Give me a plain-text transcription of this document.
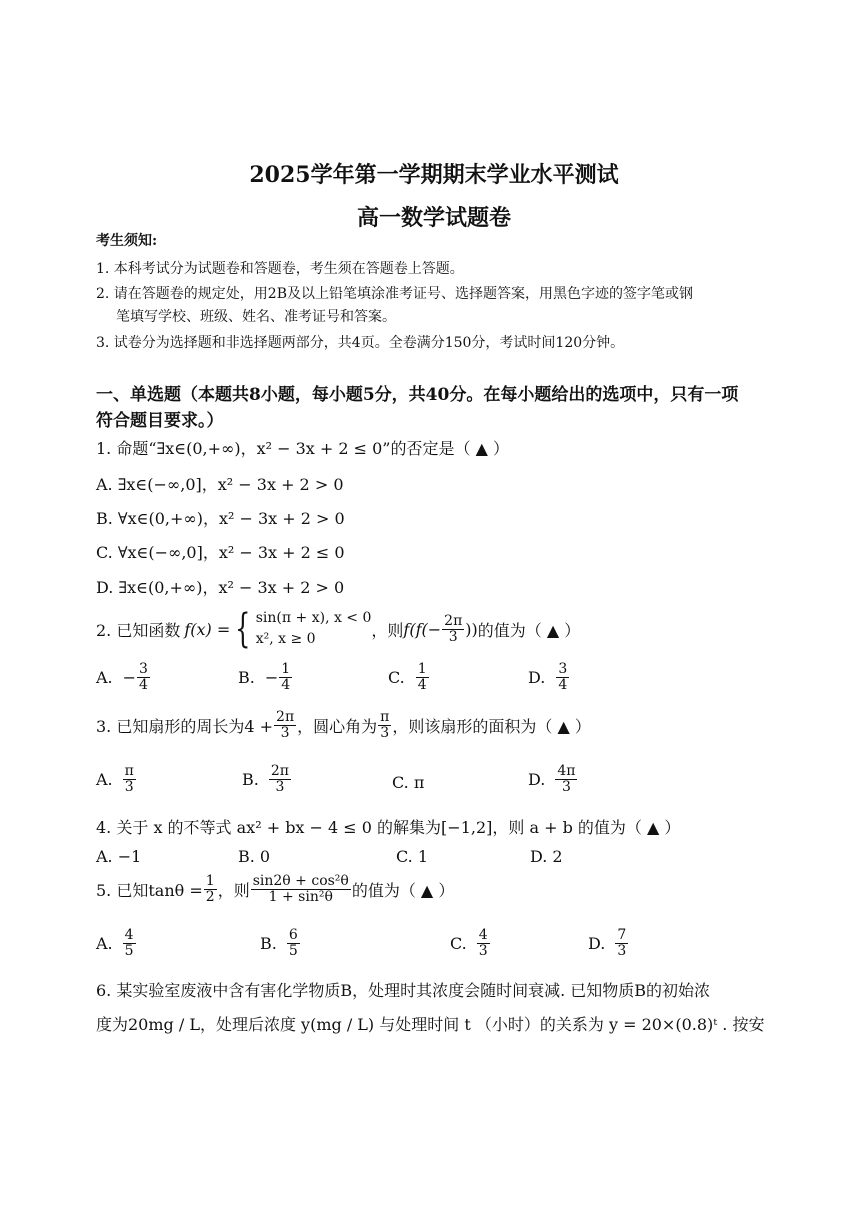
2025学年第一学期期末学业水平测试
高一数学试题卷
考生须知:
1. 本科考试分为试题卷和答题卷，考生须在答题卷上答题。
2. 请在答题卷的规定处，用2B及以上铅笔填涂准考证号、选择题答案，用黑色字迹的签字笔或钢
笔填写学校、班级、姓名、准考证号和答案。
3. 试卷分为选择题和非选择题两部分，共4页。全卷满分150分，考试时间120分钟。
一、单选题（本题共8小题，每小题5分，共40分。在每小题给出的选项中，只有一项
符合题目要求。）
1. 命题“∃x∈(0,+∞)，x² − 3x + 2 ≤ 0”的否定是（ ▲ ）
A. ∃x∈(−∞,0]，x² − 3x + 2 > 0
B. ∀x∈(0,+∞)，x² − 3x + 2 > 0
C. ∀x∈(−∞,0]，x² − 3x + 2 ≤ 0
D. ∃x∈(0,+∞)，x² − 3x + 2 > 0
2. 已知函数 f(x) = { sin(π + x), x < 0
x², x ≥ 0	，则 $f(f(- \frac{2\pi}{3}$ )) 的值为（ ▲ ）
A. − $\frac{3}{4}$	B. − $\frac{1}{4}$	C. $\frac{1}{4}$	D. $\frac{3}{4}$
3. 已知扇形的周长为$4 + \frac{2\pi}{3}$ ，圆心角为 $\frac{\pi}{3}$ ，则该扇形的面积为（ ▲ ）
A. $\frac{\pi}{3}$	B. $\frac{2\pi}{3}$	C. π	D. $\frac{4\pi}{3}$
4. 关于 x 的不等式 ax² + bx − 4 ≤ 0 的解集为[−1,2]，则 a + b 的值为（ ▲ ）
A. −1	B. 0	C. 1	D. 2
5. 已知$\tan\theta = \frac{1}{2}$ ，则 $\frac{\text{sin2θ + cos²θ}}{\text{1 + sin²θ}}$ 的值为（ ▲ ）
A. $\frac{4}{5}$	B. $\frac{6}{5}$	C. $\frac{4}{3}$	D. $\frac{7}{3}$
6. 某实验室废液中含有害化学物质B，处理时其浓度会随时间衰减. 已知物质B的初始浓
度为20mg / L，处理后浓度 y(mg / L) 与处理时间 t （小时）的关系为 y = 20×(0.8)ᵗ . 按安
